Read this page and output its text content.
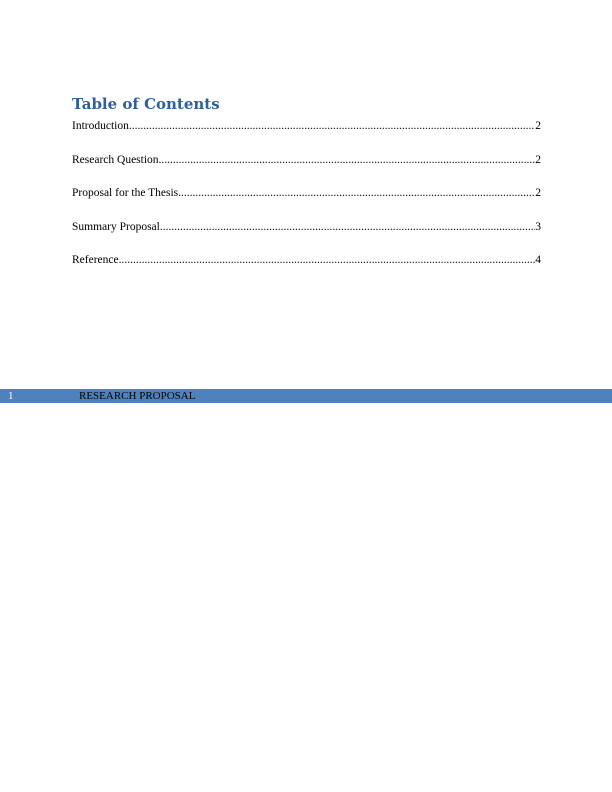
Table of Contents
Introduction .....	2
Research Question .....	2
Proposal for the Thesis .....	2
Summary Proposal .....	3
Reference .....	4
1	RESEARCH PROPOSAL
